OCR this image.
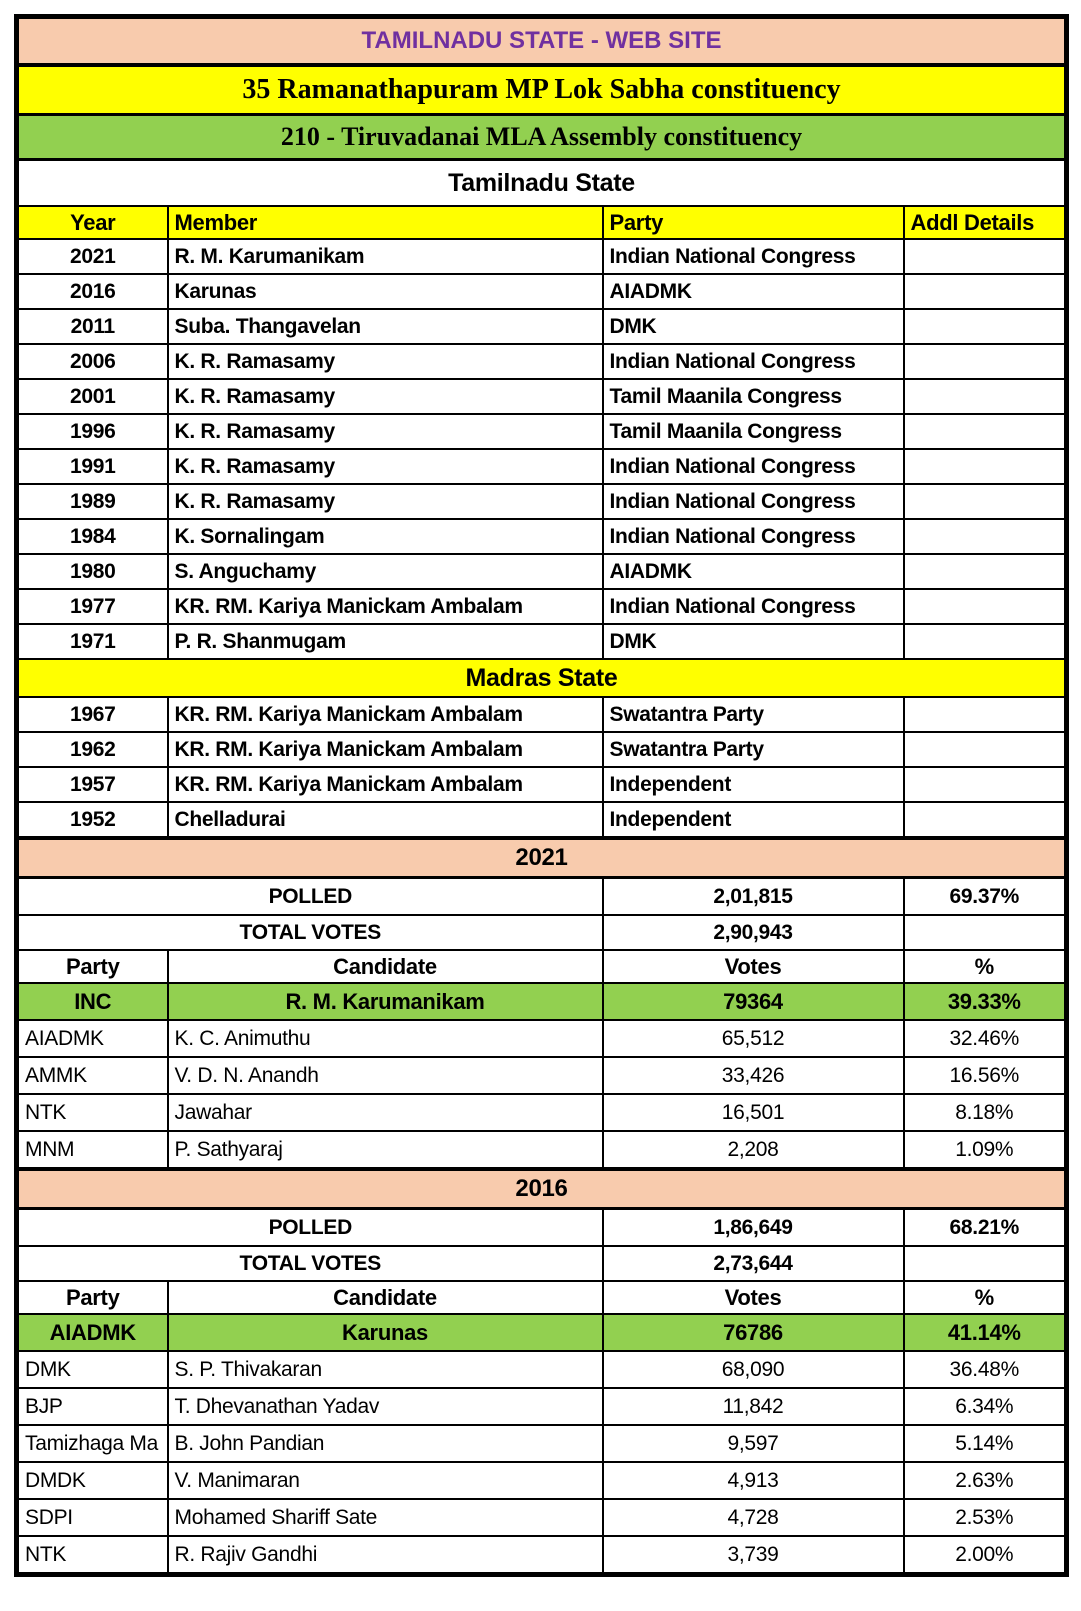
TAMILNADU STATE - WEB SITE			
35 Ramanathapuram MP Lok Sabha constituency			
210 - Tiruvadanai MLA Assembly constituency			
Tamilnadu State			
Year	Member	Party	Addl Details
2021	R. M. Karumanikam	Indian National Congress	
2016	Karunas	AIADMK	
2011	Suba. Thangavelan	DMK	
2006	K. R. Ramasamy	Indian National Congress	
2001	K. R. Ramasamy	Tamil Maanila Congress	
1996	K. R. Ramasamy	Tamil Maanila Congress	
1991	K. R. Ramasamy	Indian National Congress	
1989	K. R. Ramasamy	Indian National Congress	
1984	K. Sornalingam	Indian National Congress	
1980	S. Anguchamy	AIADMK	
1977	KR. RM. Kariya Manickam Ambalam	Indian National Congress	
1971	P. R. Shanmugam	DMK	
Madras State			
1967	KR. RM. Kariya Manickam Ambalam	Swatantra Party	
1962	KR. RM. Kariya Manickam Ambalam	Swatantra Party	
1957	KR. RM. Kariya Manickam Ambalam	Independent	
1952	Chelladurai	Independent	
2021			
POLLED		2,01,815	69.37%
TOTAL VOTES		2,90,943	
Party	Candidate	Votes	%
INC	R. M. Karumanikam	79364	39.33%
AIADMK	K. C. Animuthu	65,512	32.46%
AMMK	V. D. N. Anandh	33,426	16.56%
NTK	Jawahar	16,501	8.18%
MNM	P. Sathyaraj	2,208	1.09%
2016			
POLLED		1,86,649	68.21%
TOTAL VOTES		2,73,644	
Party	Candidate	Votes	%
AIADMK	Karunas	76786	41.14%
DMK	S. P. Thivakaran	68,090	36.48%
BJP	T. Dhevanathan Yadav	11,842	6.34%
Tamizhaga Ma	B. John Pandian	9,597	5.14%
DMDK	V. Manimaran	4,913	2.63%
SDPI	Mohamed Shariff Sate	4,728	2.53%
NTK	R. Rajiv Gandhi	3,739	2.00%
